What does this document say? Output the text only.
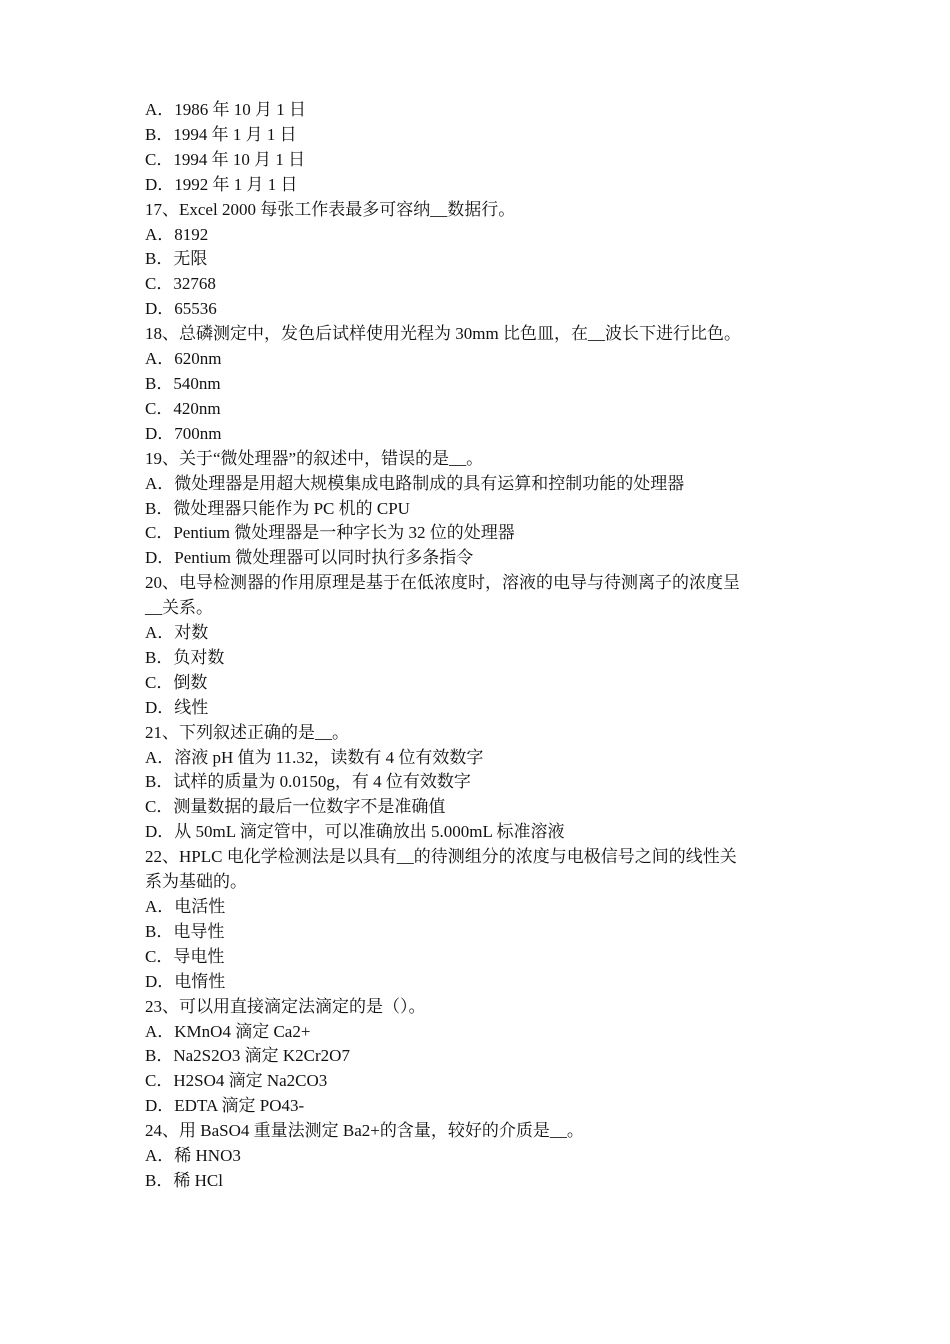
A．1986 年 10 月 1 日
B．1994 年 1 月 1 日
C．1994 年 10 月 1 日
D．1992 年 1 月 1 日
17、Excel 2000 每张工作表最多可容纳__数据行。
A．8192
B．无限
C．32768
D．65536
18、总磷测定中，发色后试样使用光程为 30mm 比色皿，在__波长下进行比色。
A．620nm
B．540nm
C．420nm
D．700nm
19、关于“微处理器”的叙述中，错误的是__。
A．微处理器是用超大规模集成电路制成的具有运算和控制功能的处理器
B．微处理器只能作为 PC 机的 CPU
C．Pentium 微处理器是一种字长为 32 位的处理器
D．Pentium 微处理器可以同时执行多条指令
20、电导检测器的作用原理是基于在低浓度时，溶液的电导与待测离子的浓度呈
__关系。
A．对数
B．负对数
C．倒数
D．线性
21、下列叙述正确的是__。
A．溶液 pH 值为 11.32，读数有 4 位有效数字
B．试样的质量为 0.0150g，有 4 位有效数字
C．测量数据的最后一位数字不是准确值
D．从 50mL 滴定管中，可以准确放出 5.000mL 标准溶液
22、HPLC 电化学检测法是以具有__的待测组分的浓度与电极信号之间的线性关
系为基础的。
A．电活性
B．电导性
C．导电性
D．电惰性
23、可以用直接滴定法滴定的是（）。
A．KMnO4 滴定 Ca2+
B．Na2S2O3 滴定 K2Cr2O7
C．H2SO4 滴定 Na2CO3
D．EDTA 滴定 PO43-
24、用 BaSO4 重量法测定 Ba2+的含量，较好的介质是__。
A．稀 HNO3
B．稀 HCl
